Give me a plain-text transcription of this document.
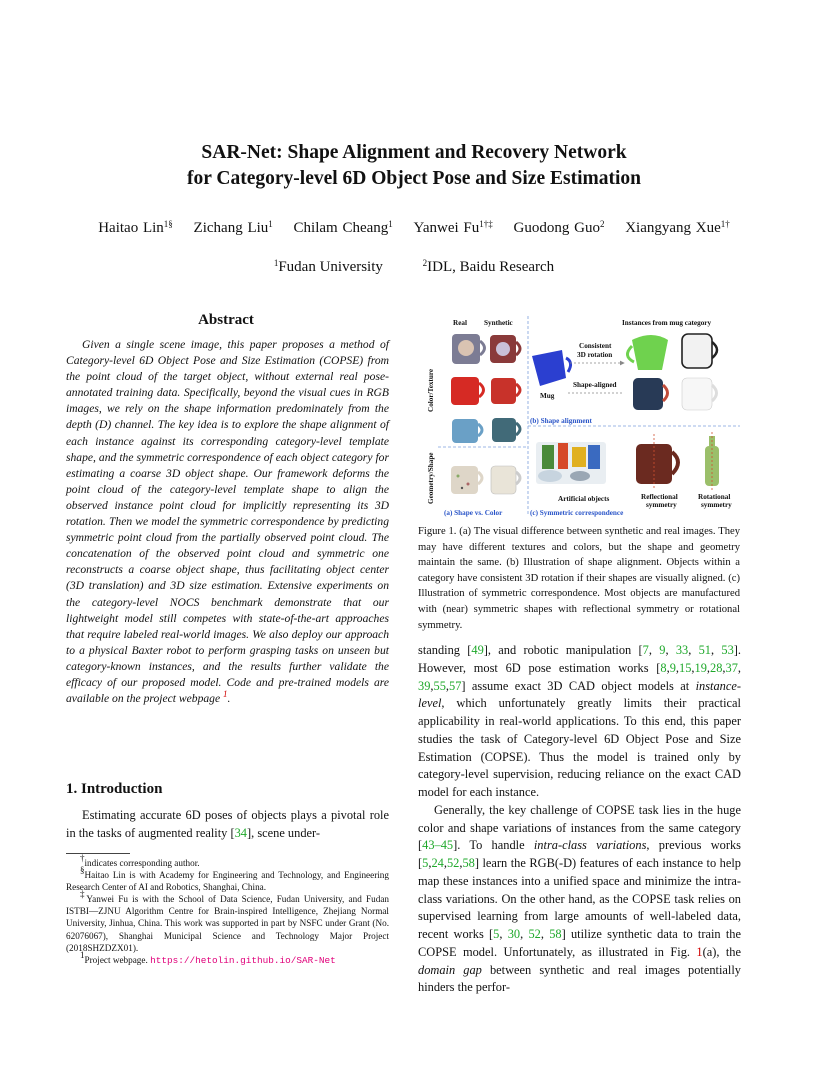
SAR-Net: Shape Alignment and Recovery Network
for Category-level 6D Object Pose and Size Estimation
Haitao Lin$^{1\S}$ Zichang Liu$^1$ Chilam Cheang$^1$ Yanwei $Fu^{1\dagger\ddagger}$ Guodong Guo$^2$ Xiangyang Xue$^{1\dagger}$
$^1$Fudan University	$^2$IDL, Baidu Research
Abstract

Given a single scene image, this paper proposes a method of Category-level 6D Object Pose and Size Estimation (COPSE) from the point cloud of the target object, without external real pose-annotated training data. Specifically, beyond the visual cues in RGB images, we rely on the shape information predominately from the depth (D) channel. The key idea is to explore the shape alignment of each instance against its corresponding category-level template shape, and the symmetric correspondence of each object category for estimating a coarse 3D object shape. Our framework deforms the point cloud of the category-level template shape to align the observed instance point cloud for implicitly representing its 3D rotation. Then we model the symmetric correspondence by predicting symmetric point cloud from the partially observed point cloud. The concatenation of the observed point cloud and symmetric one reconstructs a coarse object shape, thus facilitating object center (3D translation) and 3D size estimation. Extensive experiments on the category-level NOCS benchmark demonstrate that our lightweight model still competes with state-of-the-art approaches that require labeled real-world images. We also deploy our approach to a physical Baxter robot to perform grasping tasks on unseen but category-known instances, and the results further validate the efficacy of our proposed model. Code and pre-trained models are available on the project webpage $^1$.

1. Introduction

Estimating accurate 6D poses of objects plays a pivotal role in the tasks of augmented reality [34], scene under-

†indicates corresponding author.

§Haitao Lin is with Academy for Engineering and Technology, and Engineering Research Center of AI and Robotics, Shanghai, China.

‡Yanwei Fu is with the School of Data Science, Fudan University, and Fudan ISTBI—ZJNU Algorithm Centre for Brain-inspired Intelligence, Zhejiang Normal University, Jinhua, China. This work was supported in part by NSFC under Grant (No. 62076067), Shanghai Municipal Science and Technology Major Project (2018SHZDZX01).

$^1$Project webpage. https://hetolin.github.io/SAR-Net

Real Synthetic	Instances from mug category
Color/Texture
Geometry/Shape
Mug
Consistent
3D rotation
Shape-aligned
(b) Shape alignment
Artificial objects	Reflectional
symmetry
Rotational
symmetry
(a) Shape vs. Color	(c) Symmetric correspondence
Figure 1. (a) The visual difference between synthetic and real images. They may have different textures and colors, but the shape and geometry maintain the same. (b) Illustration of shape alignment. Objects within a category have consistent 3D rotation if their shapes are visually aligned. (c) Illustration of symmetric correspondence. Most objects are manufactured with (near) symmetric shapes with reflectional symmetry or rotational symmetry.

standing [49], and robotic manipulation [7, 9, 33, 51, 53]. However, most 6D pose estimation works [8,9,15,19,28,37, 39,55,57] assume exact 3D CAD object models at instance-level, which unfortunately greatly limits their practical applicability in real-world applications. To this end, this paper studies the task of Category-level 6D Object Pose and Size Estimation (COPSE). Thus the model is trained only by category-level supervision, reducing reliance on the exact CAD model for each instance.

Generally, the key challenge of COPSE task lies in the huge color and shape variations of instances from the same category [43–45]. To handle intra-class variations, previous works [5,24,52,58] learn the RGB(-D) features of each instance to help map these instances into a unified space and minimize the intra-class variations. On the other hand, as the COPSE task relies on supervised learning from large amounts of well-labeled data, recent works [5, 30, 52, 58] utilize synthetic data to train the COPSE model. Unfortunately, as illustrated in Fig. 1(a), the domain gap between synthetic and real images potentially hinders the perfor-
